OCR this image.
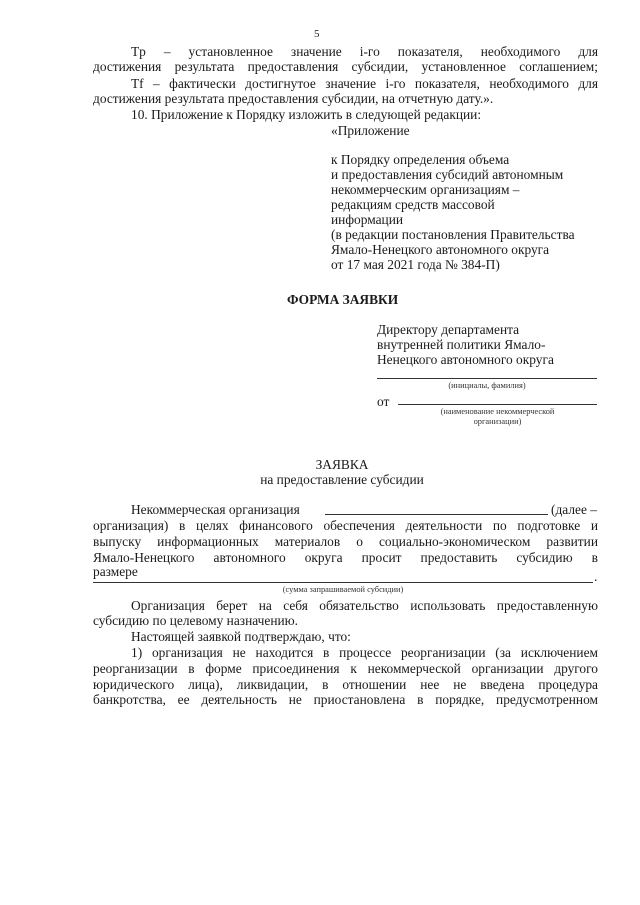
5
Tp – установленное значение i-го показателя, необходимого для
достижения результата предоставления субсидии, установленное соглашением;
Tf – фактически достигнутое значение i-го показателя, необходимого для
достижения результата предоставления субсидии, на отчетную дату.».
10. Приложение к Порядку изложить в следующей редакции:
«Приложение
к Порядку определения объема
и предоставления субсидий автономным
некоммерческим организациям –
редакциям средств массовой
информации
(в редакции постановления Правительства
Ямало-Ненецкого автономного округа
от 17 мая 2021 года № 384-П)
ФОРМА ЗАЯВКИ
Директору департамента
внутренней политики Ямало-
Ненецкого автономного округа
(инициалы, фамилия)
от
(наименование некоммерческой
организации)
ЗАЯВКА
на предоставление субсидии
Некоммерческая организация	(далее –
организация) в целях финансового обеспечения деятельности по подготовке и
выпуску информационных материалов о социально-экономическом развитии
Ямало-Ненецкого автономного округа просит предоставить субсидию в
размере	.
(сумма запрашиваемой субсидии)
Организация берет на себя обязательство использовать предоставленную
субсидию по целевому назначению.
Настоящей заявкой подтверждаю, что:
1) организация не находится в процессе реорганизации (за исключением
реорганизации в форме присоединения к некоммерческой организации другого
юридического лица), ликвидации, в отношении нее не введена процедура
банкротства, ее деятельность не приостановлена в порядке, предусмотренном
